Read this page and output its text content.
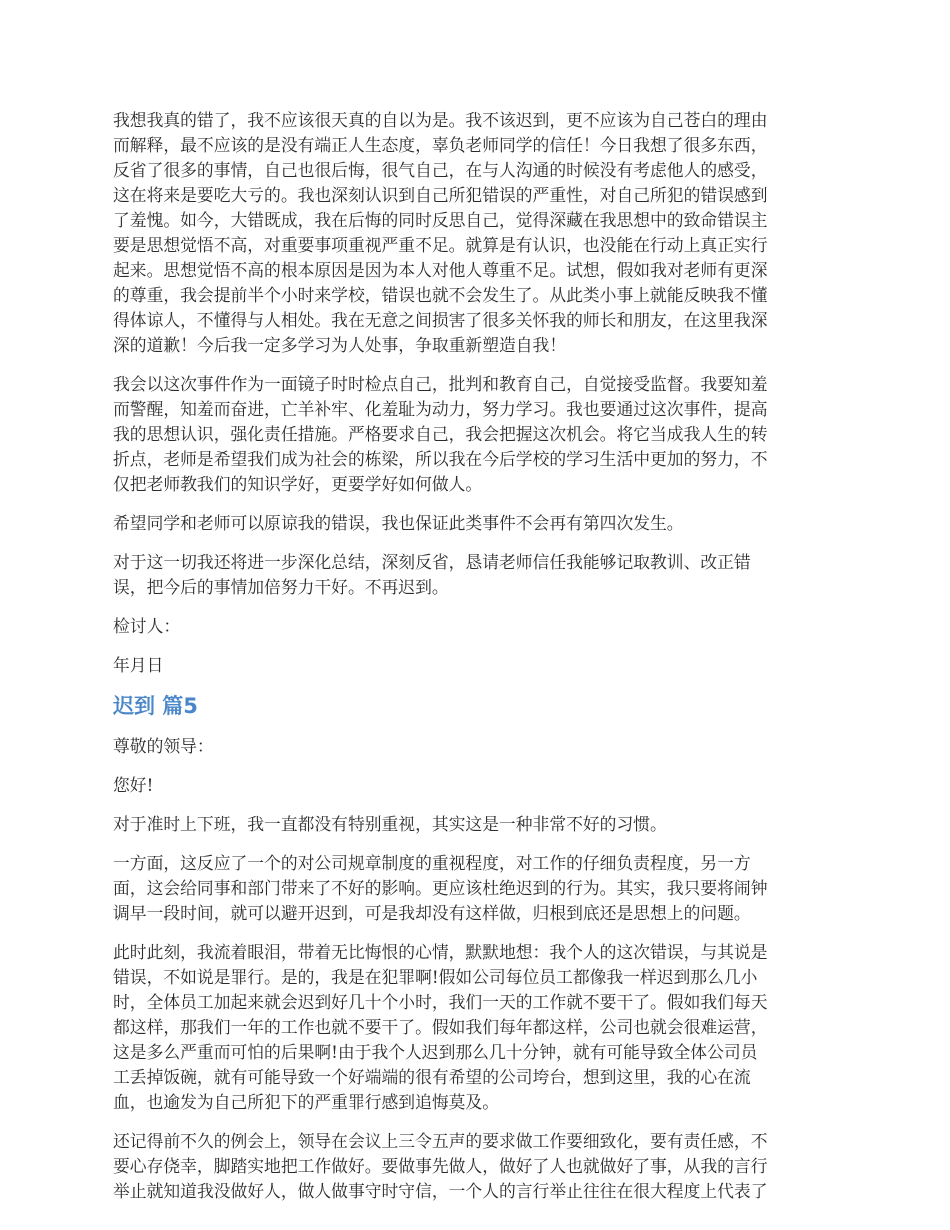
我想我真的错了，我不应该很天真的自以为是。我不该迟到，更不应该为自己苍白的理由
而解释，最不应该的是没有端正人生态度，辜负老师同学的信任！今日我想了很多东西，
反省了很多的事情，自己也很后悔，很气自己，在与人沟通的时候没有考虑他人的感受，
这在将来是要吃大亏的。我也深刻认识到自己所犯错误的严重性，对自己所犯的错误感到
了羞愧。如今，大错既成，我在后悔的同时反思自己，觉得深藏在我思想中的致命错误主
要是思想觉悟不高，对重要事项重视严重不足。就算是有认识，也没能在行动上真正实行
起来。思想觉悟不高的根本原因是因为本人对他人尊重不足。试想，假如我对老师有更深
的尊重，我会提前半个小时来学校，错误也就不会发生了。从此类小事上就能反映我不懂
得体谅人，不懂得与人相处。我在无意之间损害了很多关怀我的师长和朋友，在这里我深
深的道歉！今后我一定多学习为人处事，争取重新塑造自我！

我会以这次事件作为一面镜子时时检点自己，批判和教育自己，自觉接受监督。我要知羞
而警醒，知羞而奋进，亡羊补牢、化羞耻为动力，努力学习。我也要通过这次事件，提高
我的思想认识，强化责任措施。严格要求自己，我会把握这次机会。将它当成我人生的转
折点，老师是希望我们成为社会的栋梁，所以我在今后学校的学习生活中更加的努力，不
仅把老师教我们的知识学好，更要学好如何做人。

希望同学和老师可以原谅我的错误，我也保证此类事件不会再有第四次发生。

对于这一切我还将进一步深化总结，深刻反省，恳请老师信任我能够记取教训、改正错
误，把今后的事情加倍努力干好。不再迟到。

检讨人：

年月日

迟到 篇5

尊敬的领导：

您好!

对于准时上下班，我一直都没有特别重视，其实这是一种非常不好的习惯。

一方面，这反应了一个的对公司规章制度的重视程度，对工作的仔细负责程度，另一方
面，这会给同事和部门带来了不好的影响。更应该杜绝迟到的行为。其实，我只要将闹钟
调早一段时间，就可以避开迟到，可是我却没有这样做，归根到底还是思想上的问题。

此时此刻，我流着眼泪，带着无比悔恨的心情，默默地想：我个人的这次错误，与其说是
错误，不如说是罪行。是的，我是在犯罪啊!假如公司每位员工都像我一样迟到那么几小
时，全体员工加起来就会迟到好几十个小时，我们一天的工作就不要干了。假如我们每天
都这样，那我们一年的工作也就不要干了。假如我们每年都这样，公司也就会很难运营，
这是多么严重而可怕的后果啊!由于我个人迟到那么几十分钟，就有可能导致全体公司员
工丢掉饭碗，就有可能导致一个好端端的很有希望的公司垮台，想到这里，我的心在流
血，也逾发为自己所犯下的严重罪行感到追悔莫及。

还记得前不久的例会上，领导在会议上三令五声的要求做工作要细致化，要有责任感，不
要心存侥幸，脚踏实地把工作做好。要做事先做人，做好了人也就做好了事，从我的言行
举止就知道我没做好人，做人做事守时守信，一个人的言行举止往往在很大程度上代表了
